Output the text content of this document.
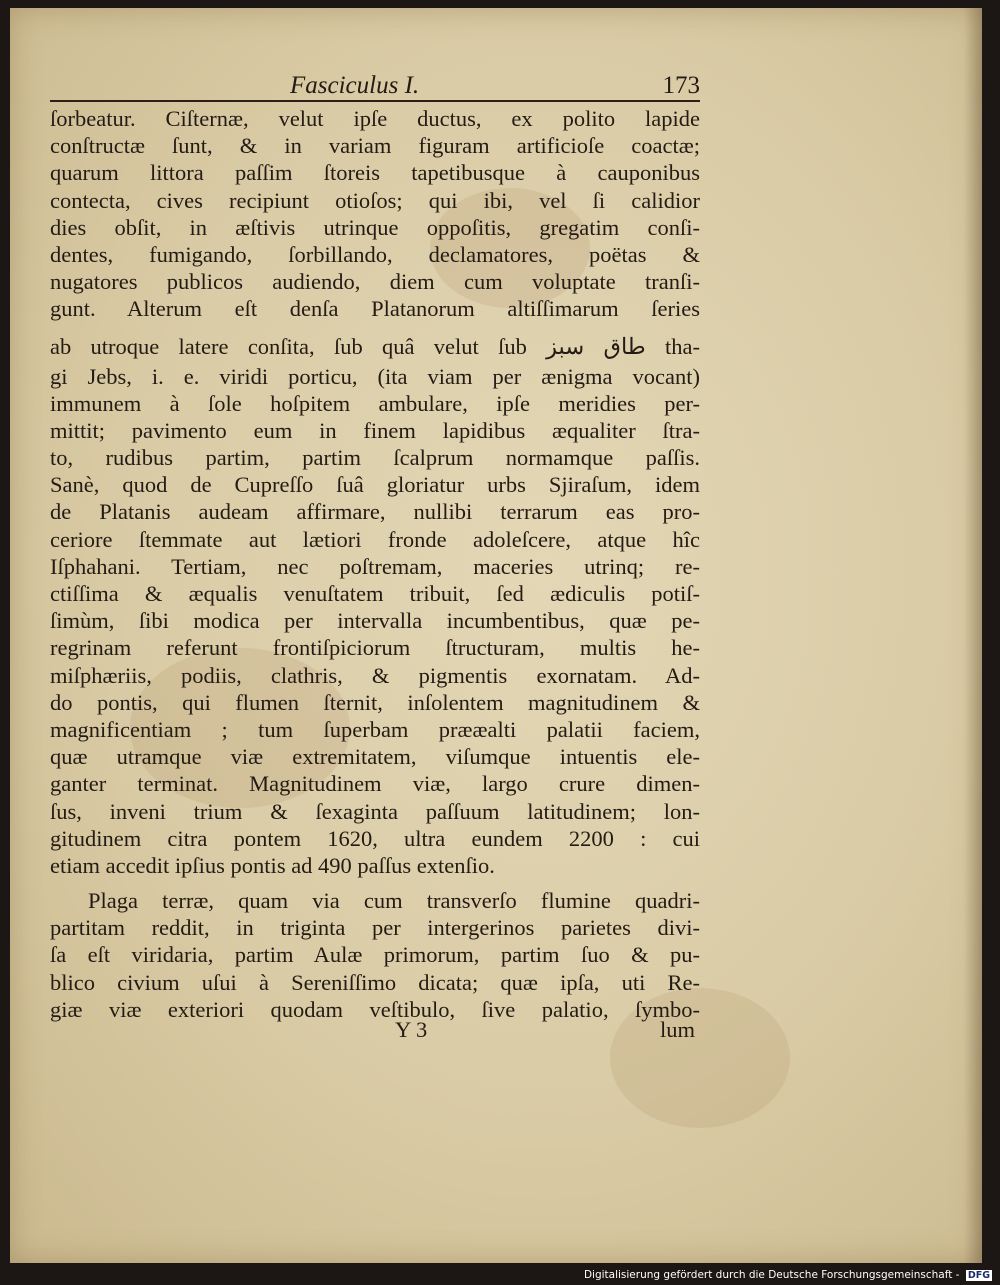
Fasciculus I.	173
ſorbeatur. Ciſternæ, velut ipſe ductus, ex polito lapide
conſtructæ ſunt, & in variam figuram artificioſe coactæ;
quarum littora paſſim ſtoreis tapetibusque à cauponibus
contecta, cives recipiunt otioſos; qui ibi, vel ſi calidior
dies obſit, in æſtivis utrinque oppoſitis, gregatim conſi-
dentes, fumigando, ſorbillando, declamatores, poëtas &
nugatores publicos audiendo, diem cum voluptate tranſi-
gunt. Alterum eſt denſa Platanorum altiſſimarum ſeries
ab utroque latere conſita, ſub quâ velut ſub طاق سبز tha-
gi Jebs, i. e. viridi porticu, (ita viam per ænigma vocant)
immunem à ſole hoſpitem ambulare, ipſe meridies per-
mittit; pavimento eum in finem lapidibus æqualiter ſtra-
to, rudibus partim, partim ſcalprum normamque paſſis.
Sanè, quod de Cupreſſo ſuâ gloriatur urbs Sjiraſum, idem
de Platanis audeam affirmare, nullibi terrarum eas pro-
ceriore ſtemmate aut lætiori fronde adoleſcere, atque hîc
Iſphahani. Tertiam, nec poſtremam, maceries utrinq; re-
ctiſſima & æqualis venuſtatem tribuit, ſed ædiculis potiſ-
ſimùm, ſibi modica per intervalla incumbentibus, quæ pe-
regrinam referunt frontiſpiciorum ſtructuram, multis he-
miſphæriis, podiis, clathris, & pigmentis exornatam. Ad-
do pontis, qui flumen ſternit, inſolentem magnitudinem &
magnificentiam ; tum ſuperbam prææalti palatii faciem,
quæ utramque viæ extremitatem, viſumque intuentis ele-
ganter terminat. Magnitudinem viæ, largo crure dimen-
ſus, inveni trium & ſexaginta paſſuum latitudinem; lon-
gitudinem citra pontem 1620, ultra eundem 2200 : cui
etiam accedit ipſius pontis ad 490 paſſus extenſio.
Plaga terræ, quam via cum transverſo flumine quadri-
partitam reddit, in triginta per intergerinos parietes divi-
ſa eſt viridaria, partim Aulæ primorum, partim ſuo & pu-
blico civium uſui à Sereniſſimo dicata; quæ ipſa, uti Re-
giæ viæ exteriori quodam veſtibulo, ſive palatio, ſymbo-
Y 3	lum
Digitalisierung gefördert durch die Deutsche Forschungsgemeinschaft - DFG
